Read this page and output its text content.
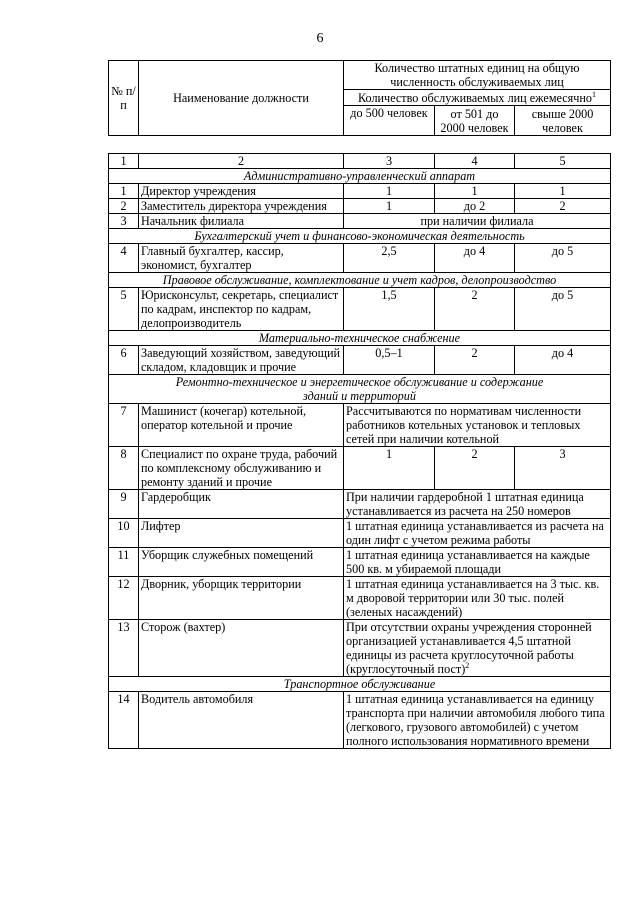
6
№ п/п	Наименование должности	Количество штатных единиц на общую численность обслуживаемых лиц		
		Количество обслуживаемых лиц ежемесячно$^1$
		до 500 человек	от 501 до 2000 человек	свыше 2000 человек
1	2	3	4	5
Административно-управленческий аппарат				
1	Директор учреждения	1	1	1
2	Заместитель директора учреждения	1	до 2	2
3	Начальник филиала	при наличии филиала		
Бухгалтерский учет и финансово-экономическая деятельность				
4	Главный бухгалтер, кассир, экономист, бухгалтер	2,5	до 4	до 5
Правовое обслуживание, комплектование и учет кадров, делопроизводство				
5	Юрисконсульт, секретарь, специалист по кадрам, инспектор по кадрам, делопроизводитель	1,5	2	до 5
Материально-техническое снабжение				
6	Заведующий хозяйством, заведующий складом, кладовщик и прочие	0,5–1	2	до 4
Ремонтно-техническое и энергетическое обслуживание и содержание зданий и территорий				
7	Машинист (кочегар) котельной, оператор котельной и прочие	Рассчитываются по нормативам численности работников котельных установок и тепловых сетей при наличии котельной		
8	Специалист по охране труда, рабочий по комплексному обслуживанию и ремонту зданий и прочие	1	2	3
9	Гардеробщик	При наличии гардеробной 1 штатная единица устанавливается из расчета на 250 номеров		
10	Лифтер	1 штатная единица устанавливается из расчета на один лифт с учетом режима работы		
11	Уборщик служебных помещений	1 штатная единица устанавливается на каждые 500 кв. м убираемой площади		
12	Дворник, уборщик территории	1 штатная единица устанавливается на 3 тыс. кв. м дворовой территории или 30 тыс. полей (зеленых насаждений)		
13	Сторож (вахтер)	При отсутствии охраны учреждения сторонней организацией устанавливается 4,5 штатной единицы из расчета круглосуточной работы (круглосуточный пост)$^2$
Транспортное обслуживание				
14	Водитель автомобиля	1 штатная единица устанавливается на единицу транспорта при наличии автомобиля любого типа (легкового, грузового автомобилей) с учетом полного использования нормативного времени		
